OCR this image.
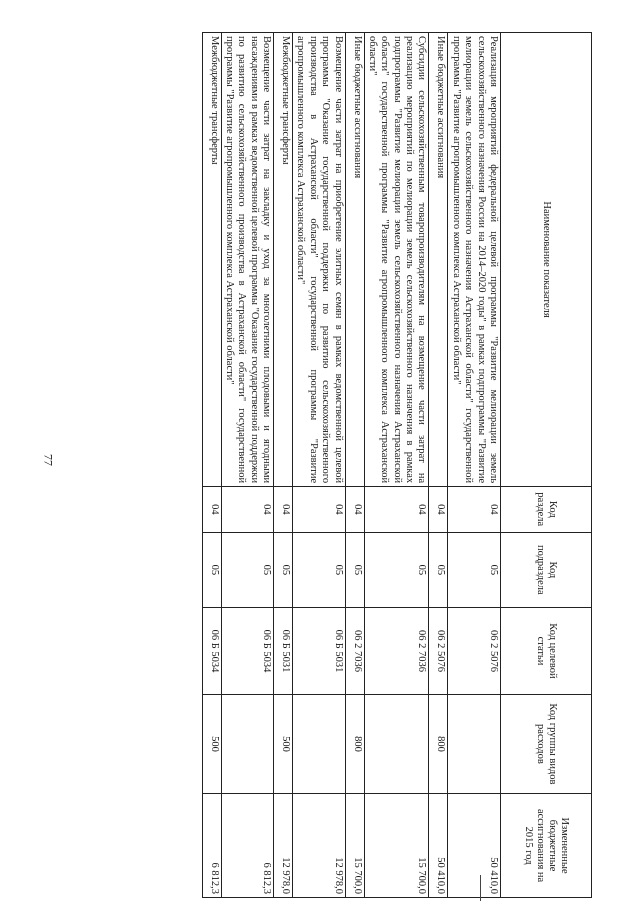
77
Наименование показателя	Код раздела	Код подраздела	Код целевой статьи	Код группы видов расходов	Измененные бюджетные ассигнования на 2015 год
Реализация мероприятий федеральной целевой программы "Развитие мелиорации земель сельскохозяйственного назначения России на 2014–2020 годы" в рамках подпрограммы "Развитие мелиорации земель сельскохозяйственного назначения Астраханской области" государственной программы "Развитие агропромышленного комплекса Астраханской области"	04	05	06 2 5076		50 410,0
Иные бюджетные ассигнования	04	05	06 2 5076	800	50 410,0
Субсидии сельскохозяйственным товаропроизводителям на возмещение части затрат на реализацию мероприятий по мелиорации земель сельскохозяйственного назначения в рамках подпрограммы "Развитие мелиорации земель сельскохозяйственного назначения Астраханской области" государственной программы "Развитие агропромышленного комплекса Астраханской области"	04	05	06 2 7036		15 700,0
Иные бюджетные ассигнования	04	05	06 2 7036	800	15 700,0
Возмещение части затрат на приобретение элитных семян в рамках ведомственной целевой программы "Оказание государственной поддержки по развитию сельскохозяйственного производства в Астраханской области" государственной программы "Развитие агропромышленного комплекса Астраханской области"	04	05	06 Б 5031		12 978,0
Межбюджетные трансферты	04	05	06 Б 5031	500	12 978,0
Возмещение части затрат на закладку и уход за многолетними плодовыми и ягодными насаждениями в рамках ведомственной целевой программы "Оказание государственной поддержки по развитию сельскохозяйственного производства в Астраханской области" государственной программы "Развитие агропромышленного комплекса Астраханской области"	04	05	06 Б 5034		6 812,3
Межбюджетные трансферты	04	05	06 Б 5034	500	6 812,3
